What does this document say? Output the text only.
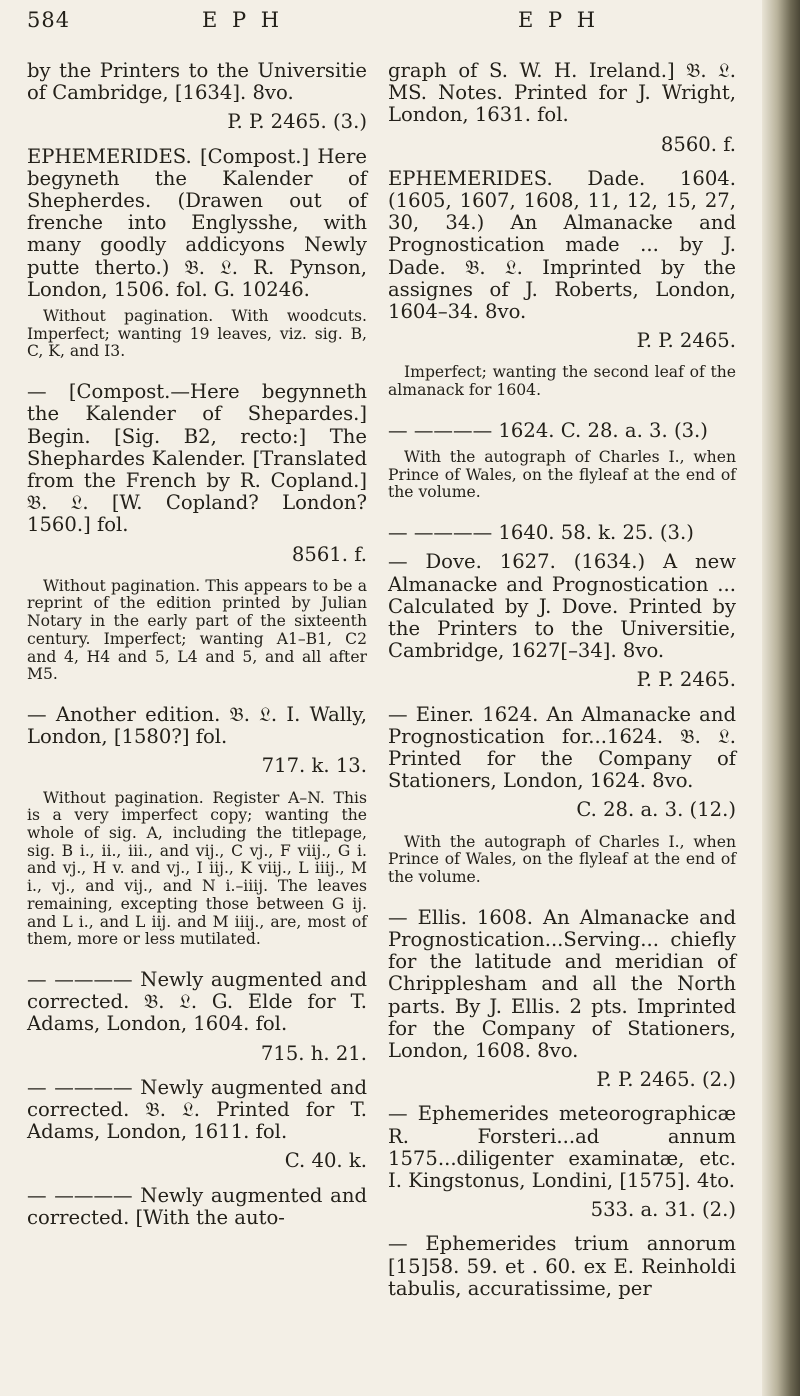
584	E P H	E P H

by the Printers to the Universitie of Cambridge, [1634]. 8vo.

P. P. 2465. (3.)

EPHEMERIDES. [Compost.] Here begyneth the Kalender of Shepherdes. (Drawen out of frenche into Englysshe, with many goodly addicyons Newly putte therto.) 𝔅. 𝔏. R. Pynson, London, 1506. fol. G. 10246.

Without pagination. With woodcuts. Imperfect; wanting 19 leaves, viz. sig. B, C, K, and I3.

— [Compost.—Here begynneth the Kalender of Shepardes.] Begin. [Sig. B2, recto:] The Shephardes Kalender. [Translated from the French by R. Copland.] 𝔅. 𝔏. [W. Copland? London? 1560.] fol.

8561. f.

Without pagination. This appears to be a reprint of the edition printed by Julian Notary in the early part of the sixteenth century. Imperfect; wanting A1–B1, C2 and 4, H4 and 5, L4 and 5, and all after M5.

— Another edition. 𝔅. 𝔏. I. Wally, London, [1580?] fol.

717. k. 13.

Without pagination. Register A–N. This is a very imperfect copy; wanting the whole of sig. A, including the titlepage, sig. B i., ii., iii., and vij., C vj., F viij., G i. and vj., H v. and vj., I iij., K viij., L iiij., M i., vj., and vij., and N i.–iiij. The leaves remaining, excepting those between G ij. and L i., and L iij. and M iiij., are, most of them, more or less mutilated.

— ———— Newly augmented and corrected. 𝔅. 𝔏. G. Elde for T. Adams, London, 1604. fol.

715. h. 21.

— ———— Newly augmented and corrected. 𝔅. 𝔏. Printed for T. Adams, London, 1611. fol.

C. 40. k.

— ———— Newly augmented and corrected. [With the auto-

graph of S. W. H. Ireland.] 𝔅. 𝔏. MS. Notes. Printed for J. Wright, London, 1631. fol.

8560. f.

EPHEMERIDES. Dade. 1604. (1605, 1607, 1608, 11, 12, 15, 27, 30, 34.) An Almanacke and Prognostication made ... by J. Dade. 𝔅. 𝔏. Imprinted by the assignes of J. Roberts, London, 1604–34. 8vo.

P. P. 2465.

Imperfect; wanting the second leaf of the almanack for 1604.

— ———— 1624. C. 28. a. 3. (3.)

With the autograph of Charles I., when Prince of Wales, on the flyleaf at the end of the volume.

— ———— 1640. 58. k. 25. (3.)

— Dove. 1627. (1634.) A new Almanacke and Prognostication ... Calculated by J. Dove. Printed by the Printers to the Universitie, Cambridge, 1627[–34]. 8vo.

P. P. 2465.

— Einer. 1624. An Almanacke and Prognostication for...1624. 𝔅. 𝔏. Printed for the Company of Stationers, London, 1624. 8vo.

C. 28. a. 3. (12.)

With the autograph of Charles I., when Prince of Wales, on the flyleaf at the end of the volume.

— Ellis. 1608. An Almanacke and Prognostication...Serving... chiefly for the latitude and meridian of Chripplesham and all the North parts. By J. Ellis. 2 pts. Imprinted for the Company of Stationers, London, 1608. 8vo.

P. P. 2465. (2.)

— Ephemerides meteorographicæ R. Forsteri...ad annum 1575...diligenter examinatæ, etc. I. Kingstonus, Londini, [1575]. 4to.

533. a. 31. (2.)

— Ephemerides trium annorum [15]58. 59. et . 60. ex E. Reinholdi tabulis, accuratissime, per
